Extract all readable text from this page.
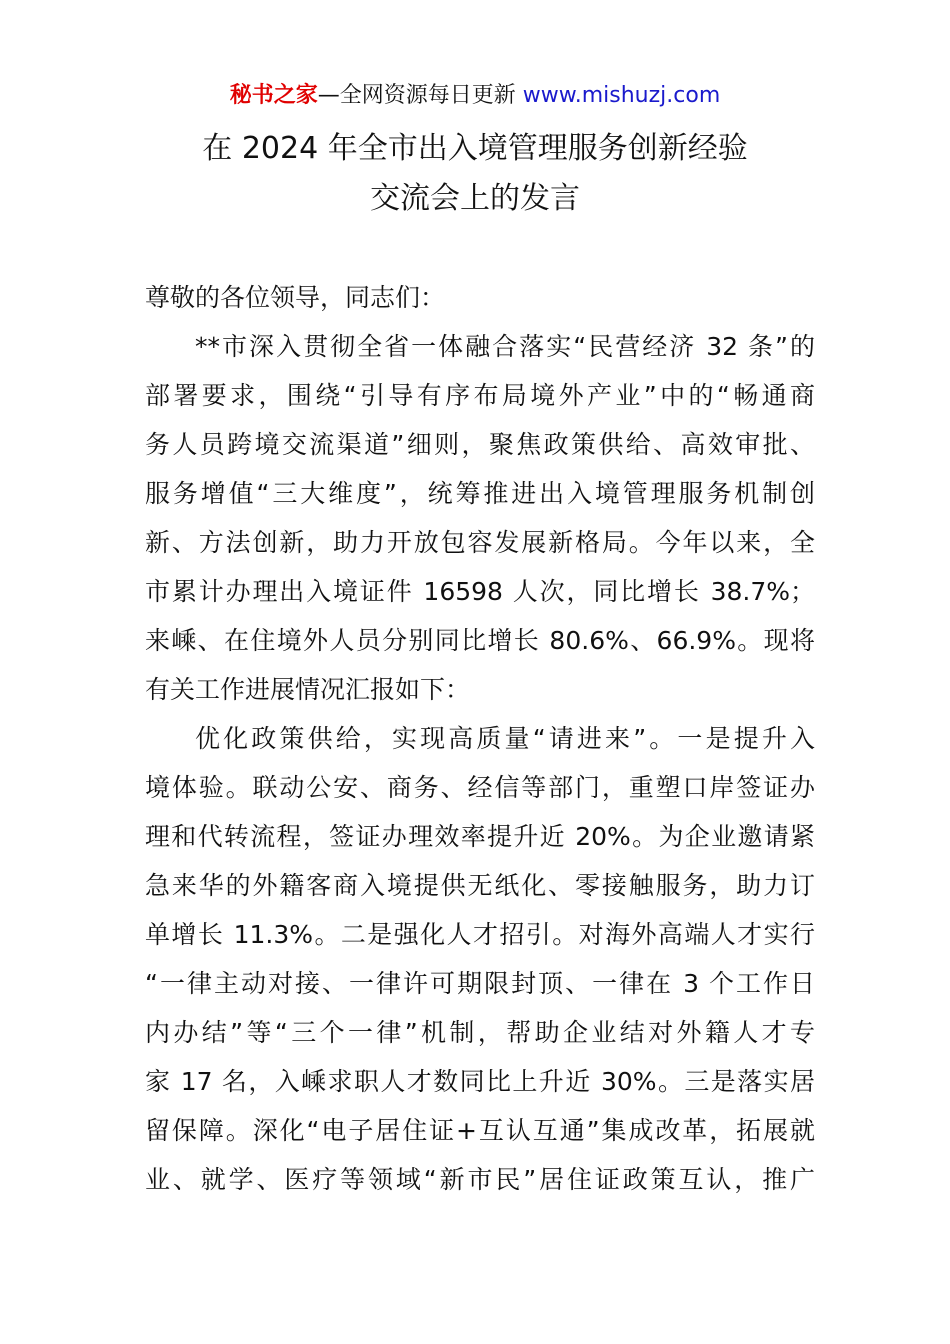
秘书之家—全网资源每日更新 www.mishuzj.com
在 2024 年全市出入境管理服务创新经验
交流会上的发言
尊敬的各位领导，同志们：
**市深入贯彻全省一体融合落实“民营经济 32 条”的
部署要求，围绕“引导有序布局境外产业”中的“畅通商
务人员跨境交流渠道”细则，聚焦政策供给、高效审批、
服务增值“三大维度”，统筹推进出入境管理服务机制创
新、方法创新，助力开放包容发展新格局。今年以来，全
市累计办理出入境证件 16598 人次，同比增长 38.7%；
来嵊、在住境外人员分别同比增长 80.6%、66.9%。现将
有关工作进展情况汇报如下：
优化政策供给，实现高质量“请进来”。一是提升入
境体验。联动公安、商务、经信等部门，重塑口岸签证办
理和代转流程，签证办理效率提升近 20%。为企业邀请紧
急来华的外籍客商入境提供无纸化、零接触服务，助力订
单增长 11.3%。二是强化人才招引。对海外高端人才实行
“一律主动对接、一律许可期限封顶、一律在 3 个工作日
内办结”等“三个一律”机制，帮助企业结对外籍人才专
家 17 名，入嵊求职人才数同比上升近 30%。三是落实居
留保障。深化“电子居住证+互认互通”集成改革，拓展就
业、就学、医疗等领域“新市民”居住证政策互认，推广
